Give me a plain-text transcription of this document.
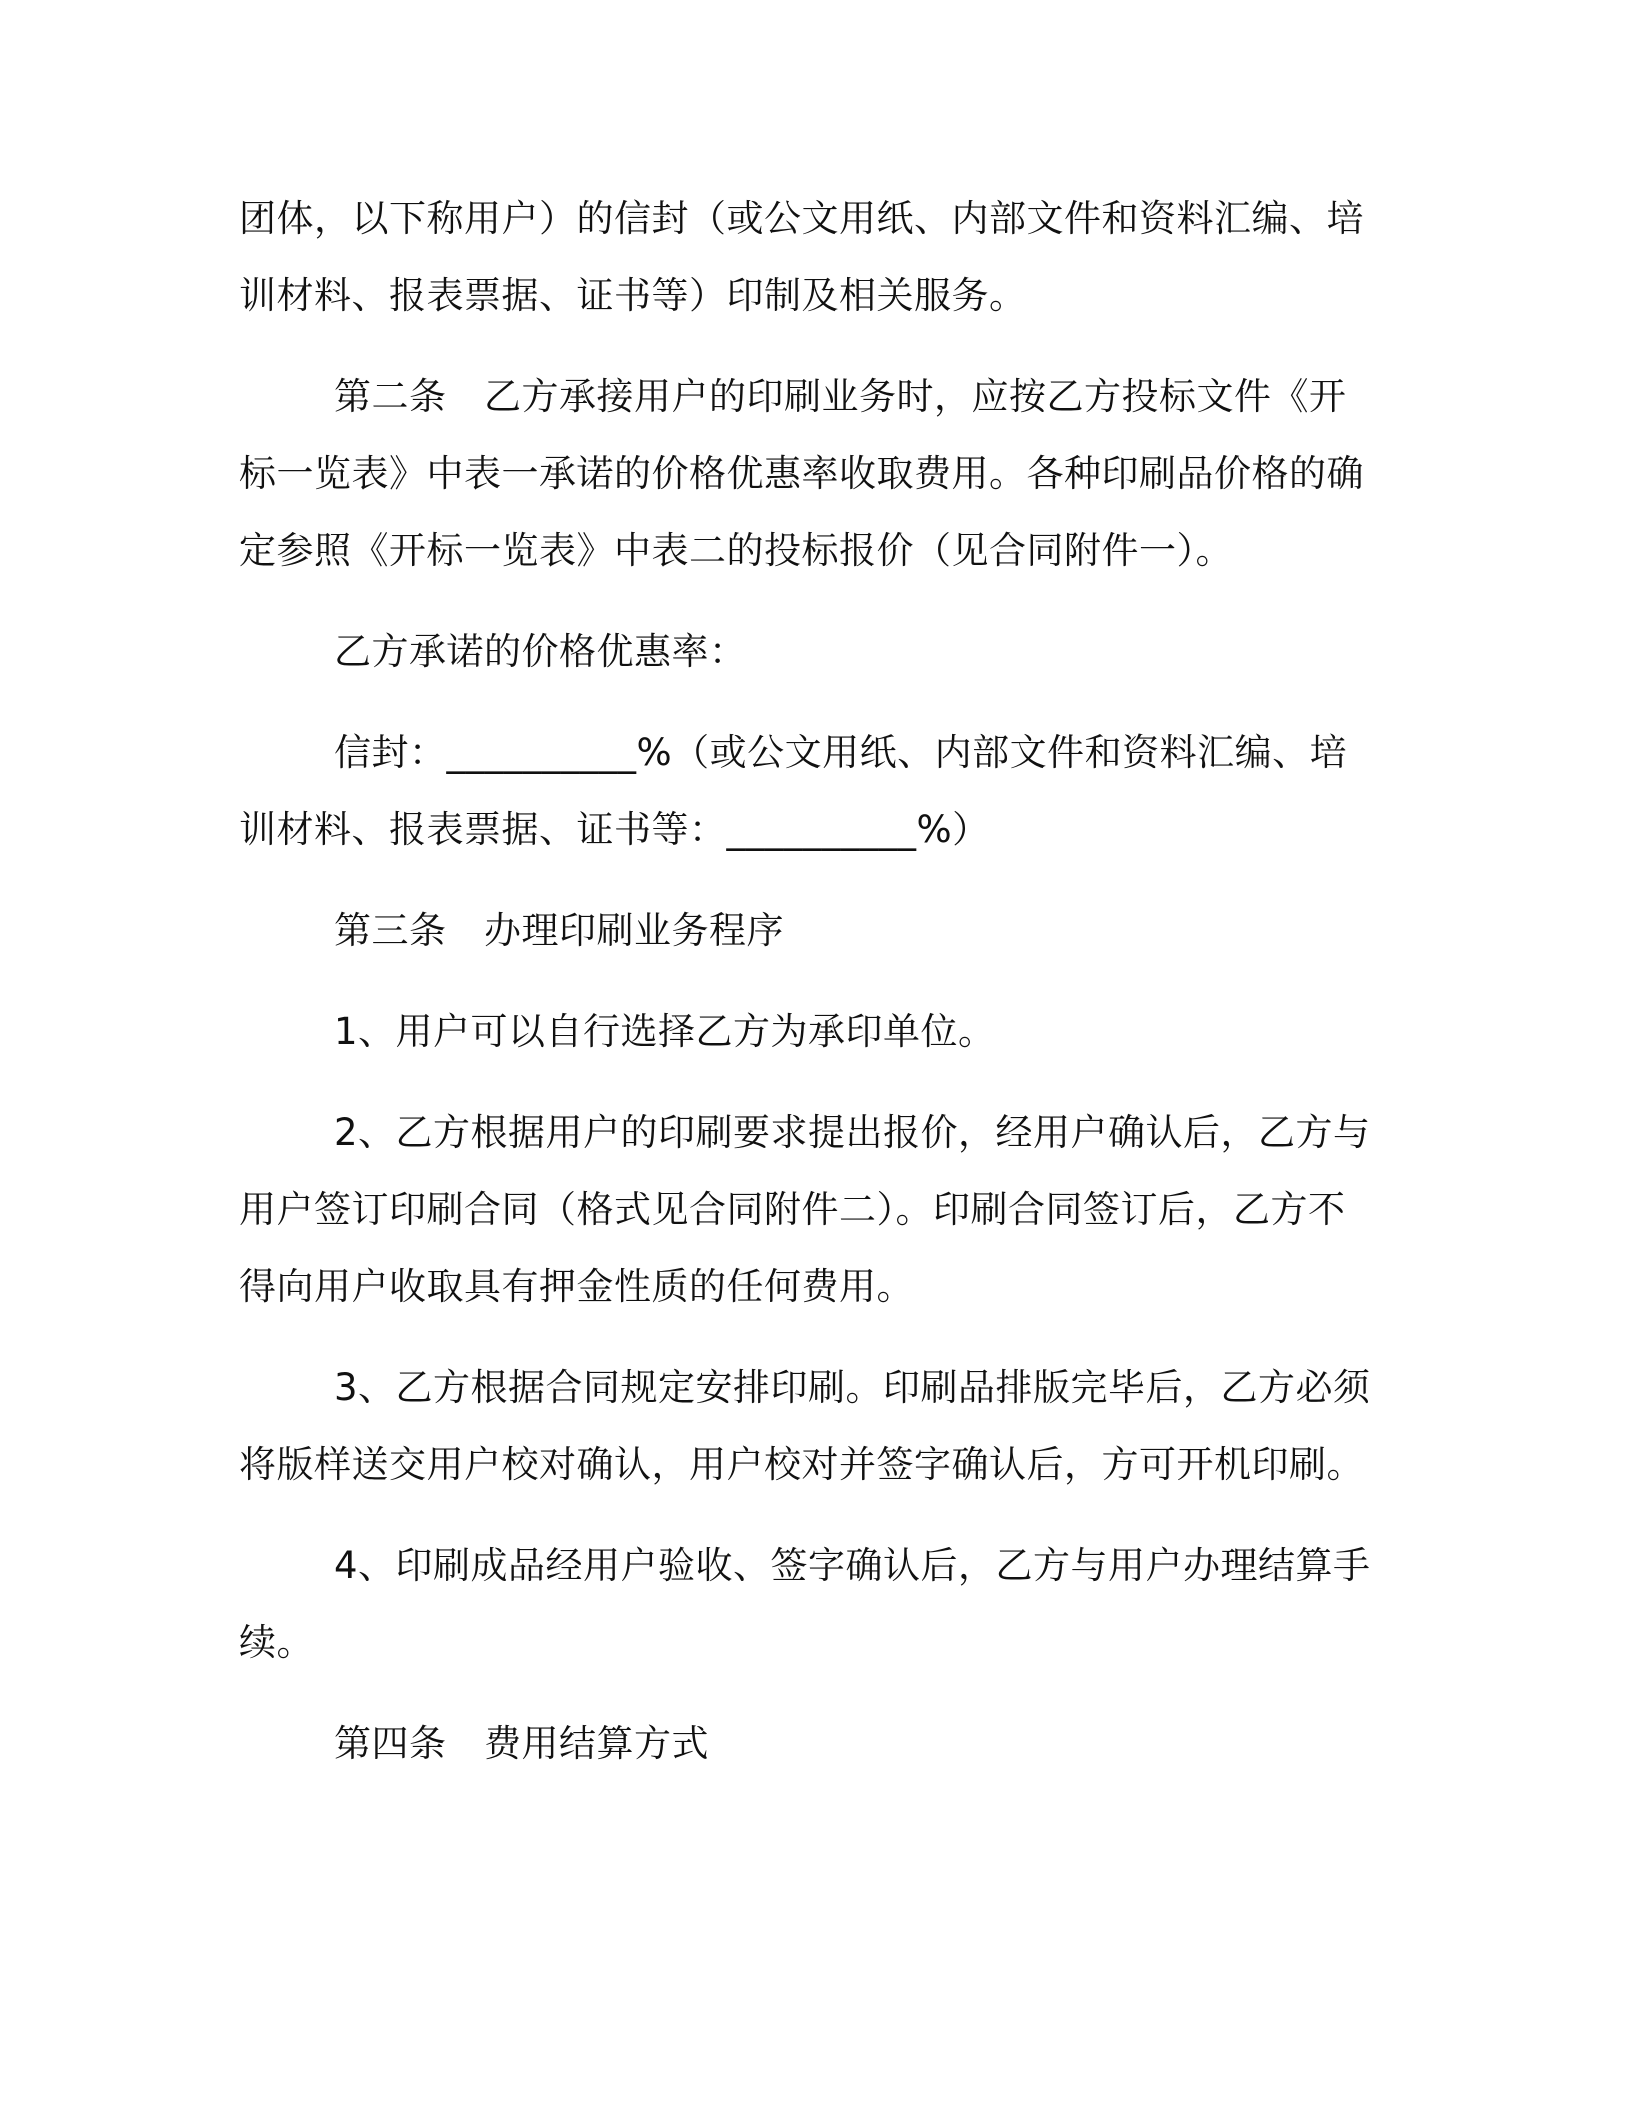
团体，以下称用户）的信封（或公文用纸、内部文件和资料汇编、培训材料、报表票据、证书等）印制及相关服务。

第二条　乙方承接用户的印刷业务时，应按乙方投标文件《开标一览表》中表一承诺的价格优惠率收取费用。各种印刷品价格的确定参照《开标一览表》中表二的投标报价（见合同附件一）。

乙方承诺的价格优惠率：

信封：__________%（或公文用纸、内部文件和资料汇编、培训材料、报表票据、证书等：__________%）

第三条　办理印刷业务程序

1、用户可以自行选择乙方为承印单位。

2、乙方根据用户的印刷要求提出报价，经用户确认后，乙方与用户签订印刷合同（格式见合同附件二）。印刷合同签订后，乙方不得向用户收取具有押金性质的任何费用。

3、乙方根据合同规定安排印刷。印刷品排版完毕后，乙方必须将版样送交用户校对确认，用户校对并签字确认后，方可开机印刷。

4、印刷成品经用户验收、签字确认后，乙方与用户办理结算手续。

第四条　费用结算方式
